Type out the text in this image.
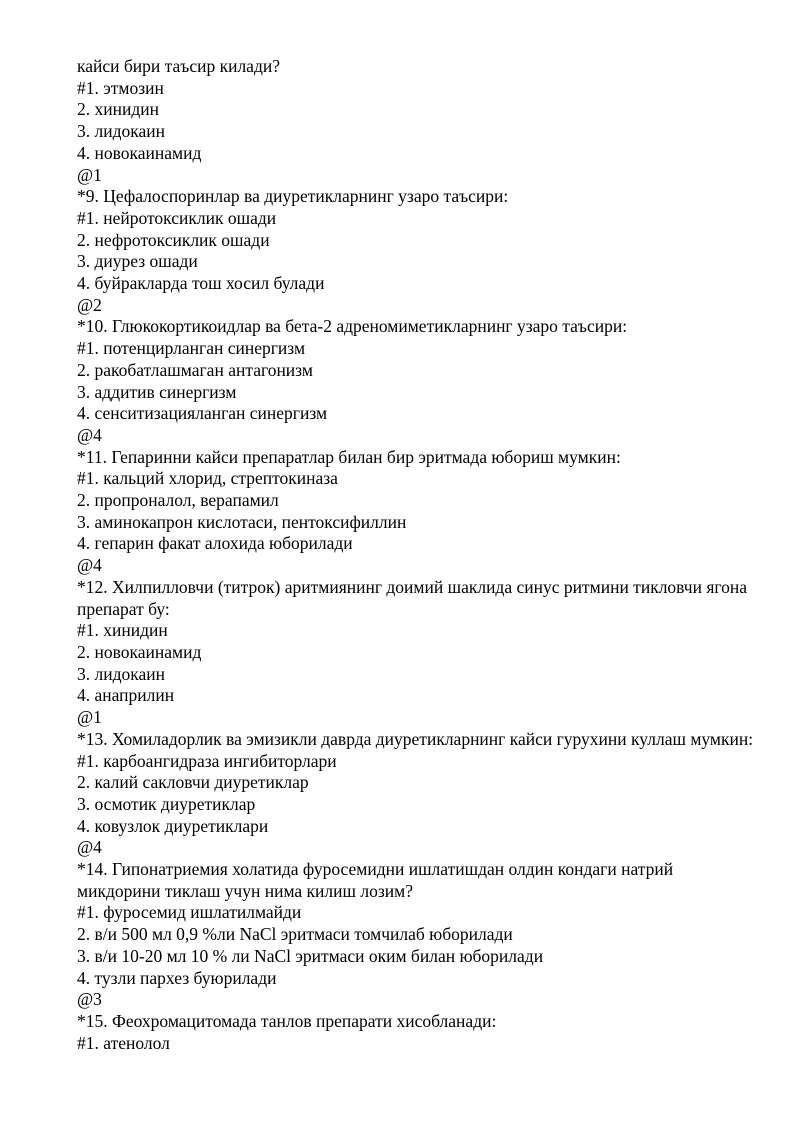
кайси бири таъсир килади?

#1. этмозин

2. хинидин

3. лидокаин

4. новокаинамид

@1

*9. Цефалоспоринлар ва диуретикларнинг узаро таъсири:

#1. нейротоксиклик ошади

2. нефротоксиклик ошади

3. диурез ошади

4. буйракларда тош хосил булади

@2

*10. Глюкокортикоидлар ва бета-2 адреномиметикларнинг узаро таъсири:

#1. потенцирланган синергизм

2. ракобатлашмаган антагонизм

3. аддитив синергизм

4. сенситизацияланган синергизм

@4

*11. Гепаринни кайси препаратлар билан бир эритмада юбориш мумкин:

#1. кальций хлорид, стрептокиназа

2. пропроналол, верапамил

3. аминокапрон кислотаси, пентоксифиллин

4. гепарин факат алохида юборилади

@4

*12. Хилпилловчи (титрок) аритмиянинг доимий шаклида синус ритмини тикловчи ягона препарат бу:

#1. хинидин

2. новокаинамид

3. лидокаин

4. анаприлин

@1

*13. Хомиладорлик ва эмизикли даврда диуретикларнинг кайси гурухини куллаш мумкин:

#1. карбоангидраза ингибиторлари

2. калий сакловчи диуретиклар

3. осмотик диуретиклар

4. ковузлок диуретиклари

@4

*14. Гипонатриемия холатида фуросемидни ишлатишдан олдин кондаги натрий микдорини тиклаш учун нима килиш лозим?

#1. фуросемид ишлатилмайди

2. в/и 500 мл 0,9 %ли NaCl эритмаси томчилаб юборилади

3. в/и 10-20 мл 10 % ли NaCl эритмаси оким билан юборилади

4. тузли пархез буюрилади

@3

*15. Феохромацитомада танлов препарати хисобланади:

#1. атенолол
